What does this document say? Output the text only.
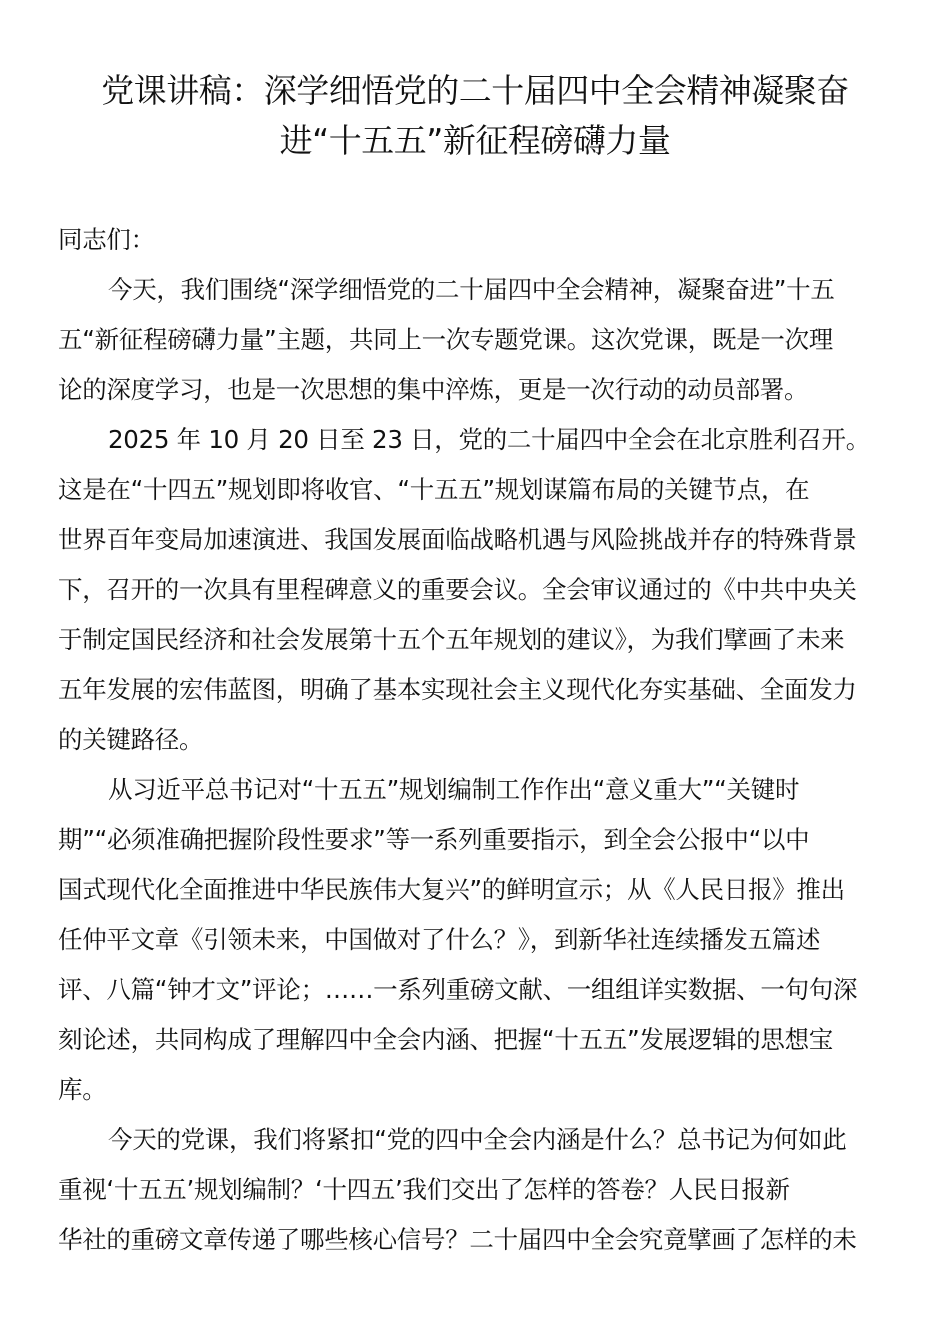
党课讲稿：深学细悟党的二十届四中全会精神凝聚奋
进“十五五”新征程磅礴力量
同志们：
今天，我们围绕“深学细悟党的二十届四中全会精神，凝聚奋进”十五
五“新征程磅礴力量”主题，共同上一次专题党课。这次党课，既是一次理
论的深度学习，也是一次思想的集中淬炼，更是一次行动的动员部署。
2025 年 10 月 20 日至 23 日，党的二十届四中全会在北京胜利召开。
这是在“十四五”规划即将收官、“十五五”规划谋篇布局的关键节点，在
世界百年变局加速演进、我国发展面临战略机遇与风险挑战并存的特殊背景
下，召开的一次具有里程碑意义的重要会议。全会审议通过的《中共中央关
于制定国民经济和社会发展第十五个五年规划的建议》，为我们擘画了未来
五年发展的宏伟蓝图，明确了基本实现社会主义现代化夯实基础、全面发力
的关键路径。
从习近平总书记对“十五五”规划编制工作作出“意义重大”“关键时
期”“必须准确把握阶段性要求”等一系列重要指示，到全会公报中“以中
国式现代化全面推进中华民族伟大复兴”的鲜明宣示；从《人民日报》推出
任仲平文章《引领未来，中国做对了什么？》，到新华社连续播发五篇述
评、八篇“钟才文”评论；……一系列重磅文献、一组组详实数据、一句句深
刻论述，共同构成了理解四中全会内涵、把握“十五五”发展逻辑的思想宝
库。
今天的党课，我们将紧扣“党的四中全会内涵是什么？总书记为何如此
重视‘十五五’规划编制？‘十四五’我们交出了怎样的答卷？人民日报新
华社的重磅文章传递了哪些核心信号？二十届四中全会究竟擘画了怎样的未
